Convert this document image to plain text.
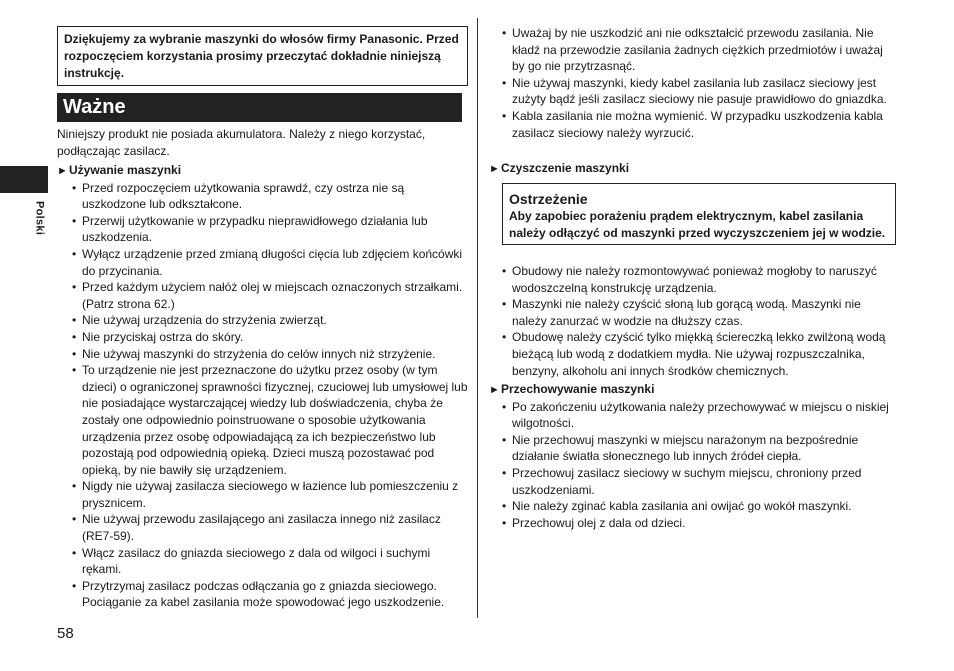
Polski
58
Dziękujemy za wybranie maszynki do włosów firmy Panasonic. Przed rozpoczęciem korzystania prosimy przeczytać dokładnie niniejszą instrukcję.
Ważne
Niniejszy produkt nie posiada akumulatora. Należy z niego korzystać, podłączając zasilacz.
►Używanie maszynki
• Przed rozpoczęciem użytkowania sprawdź, czy ostrza nie są uszkodzone lub odkształcone.
• Przerwij użytkowanie w przypadku nieprawidłowego działania lub uszkodzenia.
• Wyłącz urządzenie przed zmianą długości cięcia lub zdjęciem końcówki do przycinania.
• Przed każdym użyciem nałóż olej w miejscach oznaczonych strzałkami. (Patrz strona 62.)
• Nie używaj urządzenia do strzyżenia zwierząt.
• Nie przyciskaj ostrza do skóry.
• Nie używaj maszynki do strzyżenia do celów innych niż strzyżenie.
• To urządzenie nie jest przeznaczone do użytku przez osoby (w tym dzieci) o ograniczonej sprawności fizycznej, czuciowej lub umysłowej lub nie posiadające wystarczającej wiedzy lub doświadczenia, chyba że zostały one odpowiednio poinstruowane o sposobie użytkowania urządzenia przez osobę odpowiadającą za ich bezpieczeństwo lub pozostają pod odpowiednią opieką. Dzieci muszą pozostawać pod opieką, by nie bawiły się urządzeniem.
• Nigdy nie używaj zasilacza sieciowego w łazience lub pomieszczeniu z prysznicem.
• Nie używaj przewodu zasilającego ani zasilacza innego niż zasilacz (RE7-59).
• Włącz zasilacz do gniazda sieciowego z dala od wilgoci i suchymi rękami.
• Przytrzymaj zasilacz podczas odłączania go z gniazda sieciowego. Pociąganie za kabel zasilania może spowodować jego uszkodzenie.
• Uważaj by nie uszkodzić ani nie odkształcić przewodu zasilania. Nie kładź na przewodzie zasilania żadnych ciężkich przedmiotów i uważaj by go nie przytrzasnąć.
• Nie używaj maszynki, kiedy kabel zasilania lub zasilacz sieciowy jest zużyty bądź jeśli zasilacz sieciowy nie pasuje prawidłowo do gniazdka.
• Kabla zasilania nie można wymienić. W przypadku uszkodzenia kabla zasilacz sieciowy należy wyrzucić.
►Czyszczenie maszynki
Ostrzeżenie
Aby zapobiec porażeniu prądem elektrycznym, kabel zasilania należy odłączyć od maszynki przed wyczyszczeniem jej w wodzie.
• Obudowy nie należy rozmontowywać ponieważ mogłoby to naruszyć wodoszczelną konstrukcję urządzenia.
• Maszynki nie należy czyścić słoną lub gorącą wodą. Maszynki nie należy zanurzać w wodzie na dłuższy czas.
• Obudowę należy czyścić tylko miękką ściereczką lekko zwilżoną wodą bieżącą lub wodą z dodatkiem mydła. Nie używaj rozpuszczalnika, benzyny, alkoholu ani innych środków chemicznych.
►Przechowywanie maszynki
• Po zakończeniu użytkowania należy przechowywać w miejscu o niskiej wilgotności.
• Nie przechowuj maszynki w miejscu narażonym na bezpośrednie działanie światła słonecznego lub innych źródeł ciepła.
• Przechowuj zasilacz sieciowy w suchym miejscu, chroniony przed uszkodzeniami.
• Nie należy zginać kabla zasilania ani owijać go wokół maszynki.
• Przechowuj olej z dala od dzieci.
